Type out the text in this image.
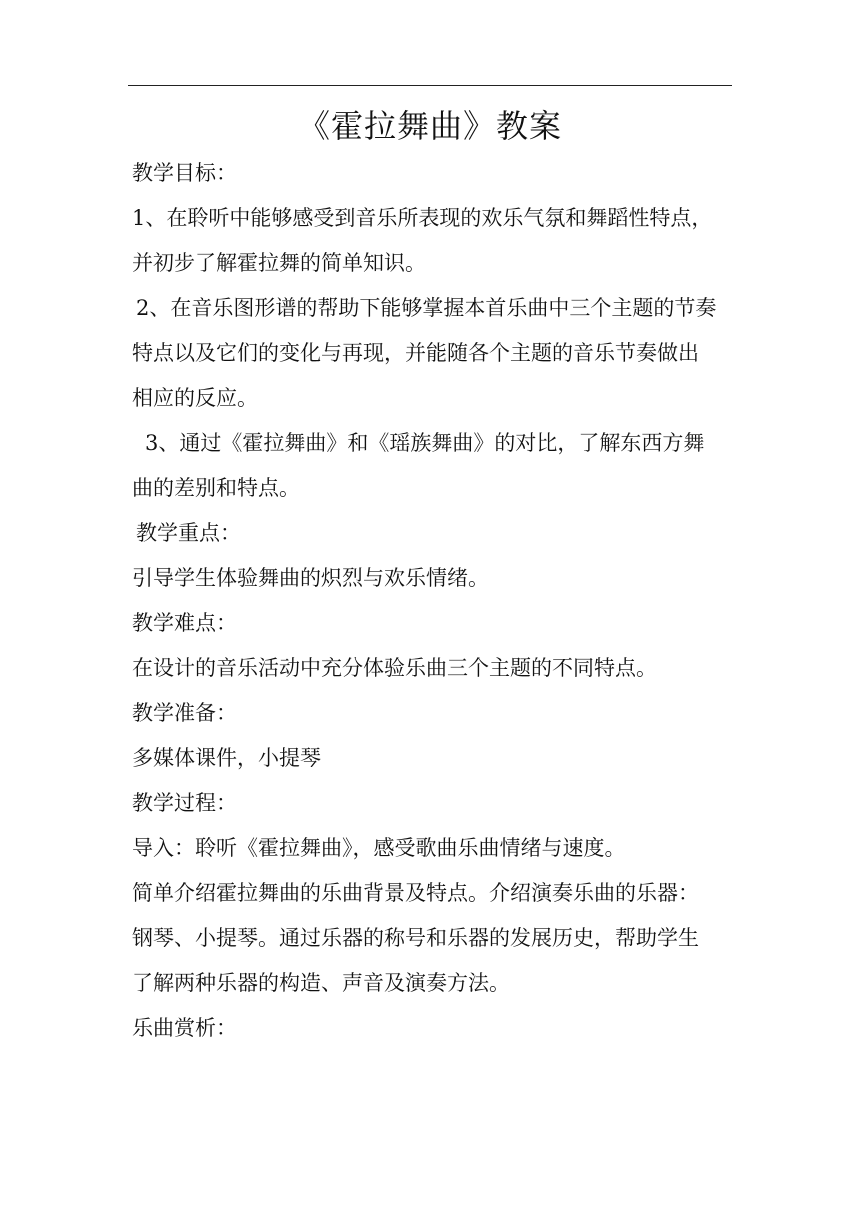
《霍拉舞曲》教案
教学目标：
1、在聆听中能够感受到音乐所表现的欢乐气氛和舞蹈性特点，
并初步了解霍拉舞的简单知识。
2、在音乐图形谱的帮助下能够掌握本首乐曲中三个主题的节奏
特点以及它们的变化与再现，并能随各个主题的音乐节奏做出
相应的反应。
3、通过《霍拉舞曲》和《瑶族舞曲》的对比，了解东西方舞
曲的差别和特点。
教学重点：
引导学生体验舞曲的炽烈与欢乐情绪。
教学难点：
在设计的音乐活动中充分体验乐曲三个主题的不同特点。
教学准备：
多媒体课件，小提琴
教学过程：
导入：聆听《霍拉舞曲》，感受歌曲乐曲情绪与速度。
简单介绍霍拉舞曲的乐曲背景及特点。介绍演奏乐曲的乐器：
钢琴、小提琴。通过乐器的称号和乐器的发展历史，帮助学生
了解两种乐器的构造、声音及演奏方法。
乐曲赏析：
